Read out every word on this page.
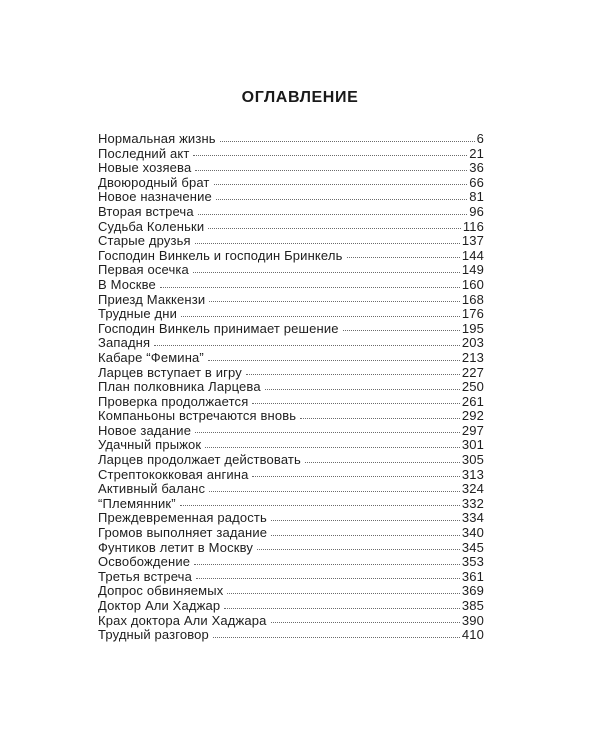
ОГЛАВЛЕНИЕ
Нормальная жизнь	6
Последний акт	21
Новые хозяева	36
Двоюродный брат	66
Новое назначение	81
Вторая встреча	96
Судьба Коленьки	116
Старые друзья	137
Господин Винкель и господин Бринкель	144
Первая осечка	149
В Москве	160
Приезд Маккензи	168
Трудные дни	176
Господин Винкель принимает решение	195
Западня	203
Кабаре “Фемина”	213
Ларцев вступает в игру	227
План полковника Ларцева	250
Проверка продолжается	261
Компаньоны встречаются вновь	292
Новое задание	297
Удачный прыжок	301
Ларцев продолжает действовать	305
Стрептококковая ангина	313
Активный баланс	324
“Племянник”	332
Преждевременная радость	334
Громов выполняет задание	340
Фунтиков летит в Москву	345
Освобождение	353
Третья встреча	361
Допрос обвиняемых	369
Доктор Али Хаджар	385
Крах доктора Али Хаджара	390
Трудный разговор	410
